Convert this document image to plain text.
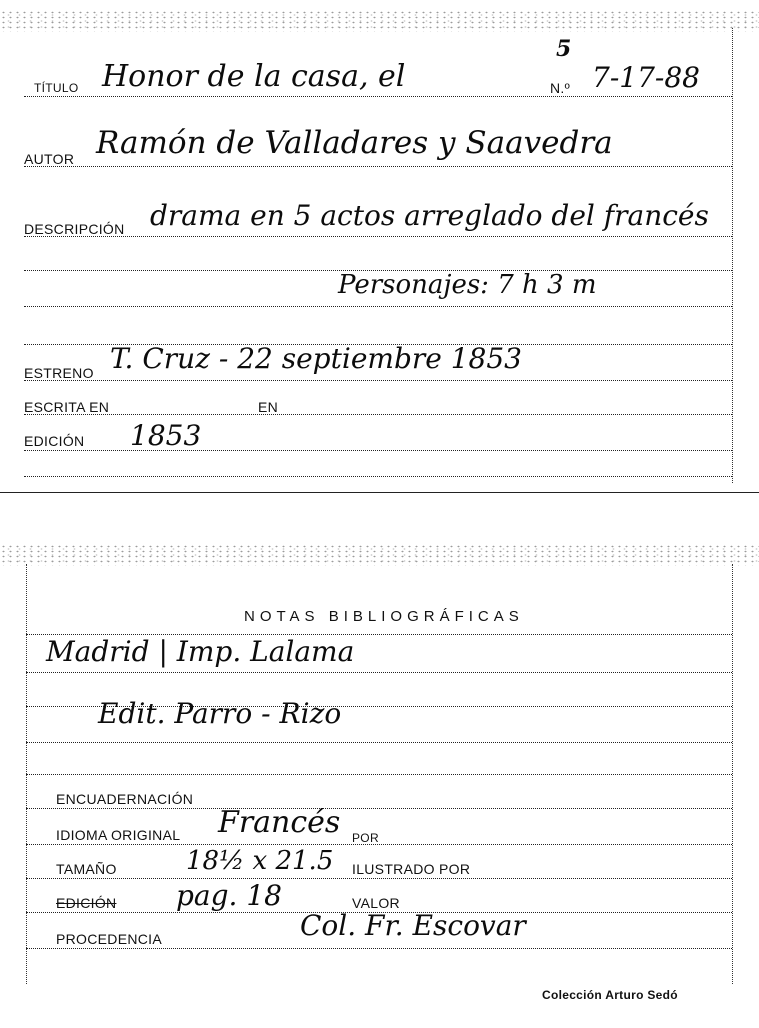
5
TÍTULO Honor de la casa, el	N.º 7-17-88
AUTOR Ramón de Valladares y Saavedra
DESCRIPCIÓN drama en 5 actos arreglado del francés
Personajes: 7 h 3 m
ESTRENO T. Cruz - 22 septiembre 1853
ESCRITA EN	EN
EDICIÓN 1853
NOTAS BIBLIOGRÁFICAS
Madrid | Imp. Lalama
Edit. Parro - Rizo
ENCUADERNACIÓN
IDIOMA ORIGINAL Francés POR
TAMAÑO	18½ x 21.5 ILUSTRADO POR
EDICIÓN pag. 18	VALOR
PROCEDENCIA	Col. Fr. Escovar
Colección Arturo Sedó
